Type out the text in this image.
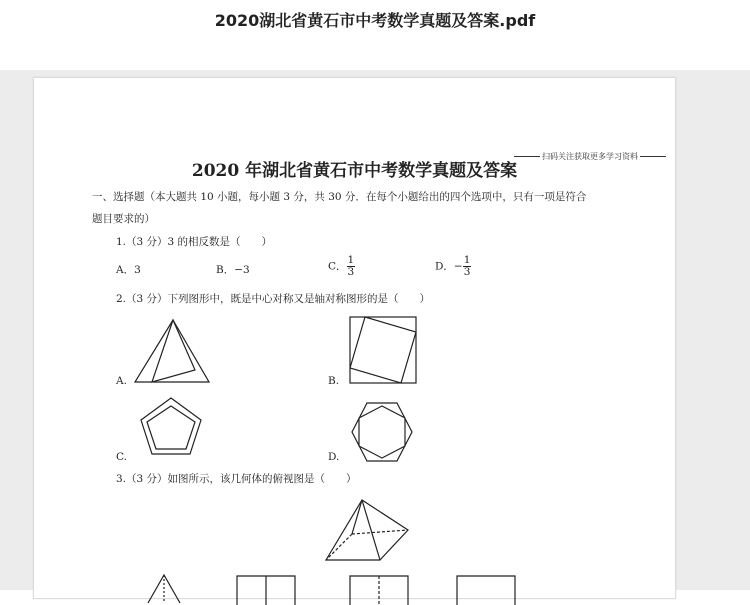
2020湖北省黄石市中考数学真题及答案.pdf
2020 年湖北省黄石市中考数学真题及答案
扫码关注获取更多学习资料
一、选择题（本大题共 10 小题，每小题 3 分，共 30 分．在每个小题给出的四个选项中，只有一项是符合
题目要求的）
1.（3 分）3 的相反数是（　　）
A．3	B．−3	C． $\frac{1}{3}$	D．− $\frac{1}{3}$
2.（3 分）下列图形中，既是中心对称又是轴对称图形的是（　　）
A.	B.
C.	D.
3.（3 分）如图所示，该几何体的俯视图是（　　）
